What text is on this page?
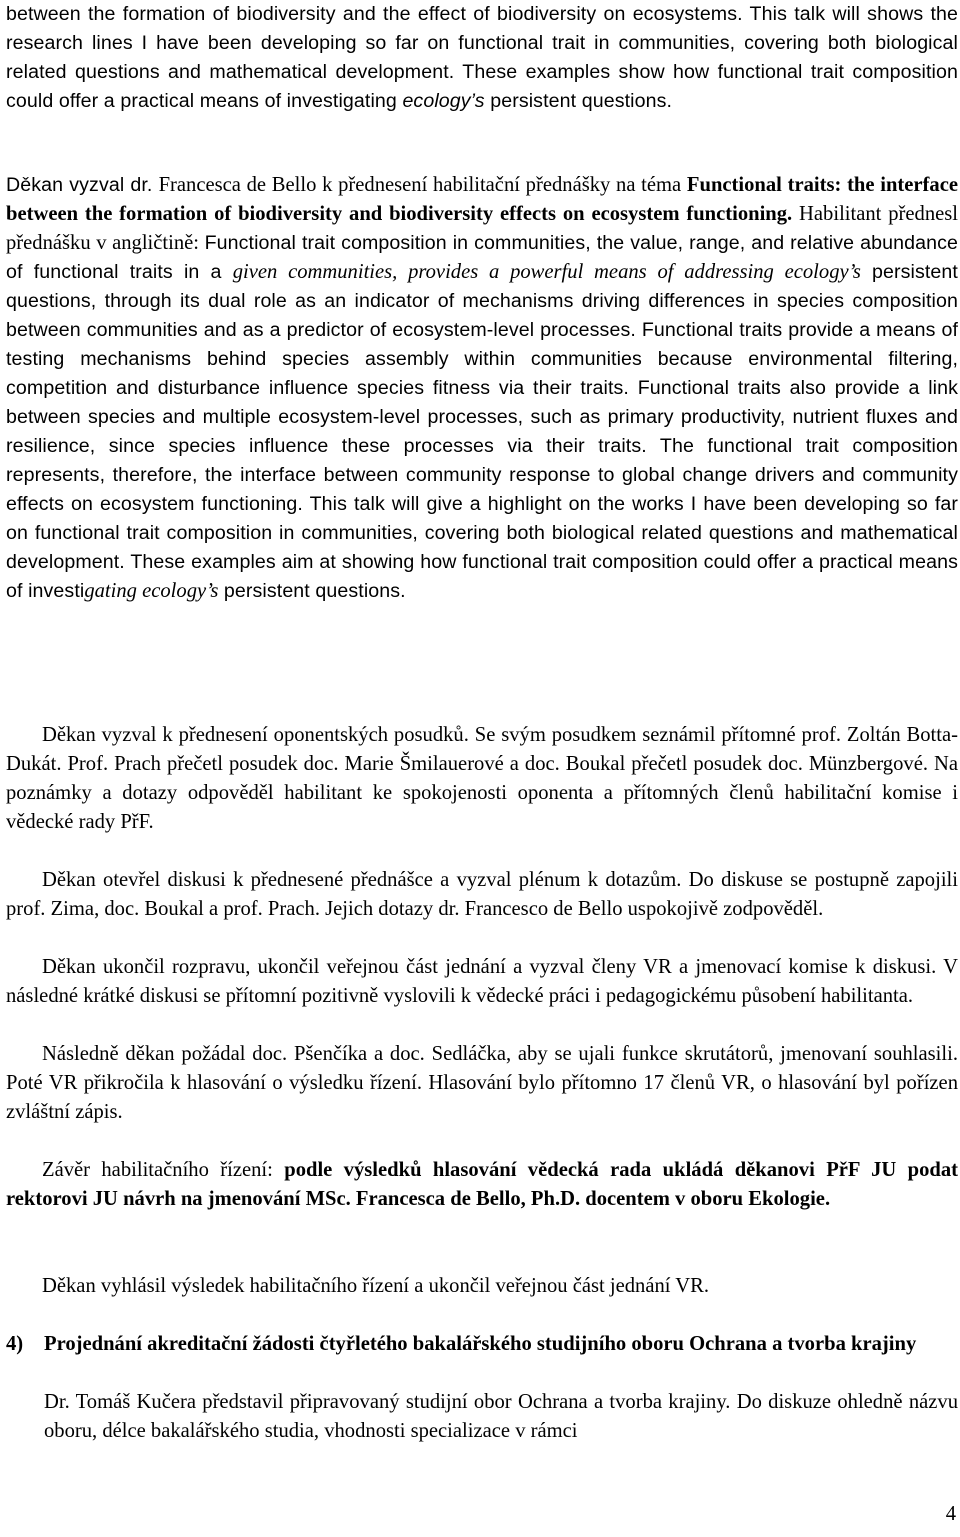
between the formation of biodiversity and the effect of biodiversity on ecosystems. This talk will shows the research lines I have been developing so far on functional trait in communities, covering both biological related questions and mathematical development. These examples show how functional trait composition could offer a practical means of investigating ecology’s persistent questions.

Děkan vyzval dr. Francesca de Bello k přednesení habilitační přednášky na téma Functional traits: the interface between the formation of biodiversity and biodiversity effects on ecosystem functioning. Habilitant přednesl přednášku v angličtině: Functional trait composition in communities, the value, range, and relative abundance of functional traits in a given communities, provides a powerful means of addressing ecology’s persistent questions, through its dual role as an indicator of mechanisms driving differences in species composition between communities and as a predictor of ecosystem-level processes. Functional traits provide a means of testing mechanisms behind species assembly within communities because environmental filtering, competition and disturbance influence species fitness via their traits. Functional traits also provide a link between species and multiple ecosystem-level processes, such as primary productivity, nutrient fluxes and resilience, since species influence these processes via their traits. The functional trait composition represents, therefore, the interface between community response to global change drivers and community effects on ecosystem functioning. This talk will give a highlight on the works I have been developing so far on functional trait composition in communities, covering both biological related questions and mathematical development. These examples aim at showing how functional trait composition could offer a practical means of investigating ecology’s persistent questions.

Děkan vyzval k přednesení oponentských posudků. Se svým posudkem seznámil přítomné prof. Zoltán Botta-Dukát. Prof. Prach přečetl posudek doc. Marie Šmilauerové a doc. Boukal přečetl posudek doc. Münzbergové. Na poznámky a dotazy odpověděl habilitant ke spokojenosti oponenta a přítomných členů habilitační komise i vědecké rady PřF.

Děkan otevřel diskusi k přednesené přednášce a vyzval plénum k dotazům. Do diskuse se postupně zapojili prof. Zima, doc. Boukal a prof. Prach. Jejich dotazy dr. Francesco de Bello uspokojivě zodpověděl.

Děkan ukončil rozpravu, ukončil veřejnou část jednání a vyzval členy VR a jmenovací komise k diskusi. V následné krátké diskusi se přítomní pozitivně vyslovili k vědecké práci i pedagogickému působení habilitanta.

Následně děkan požádal doc. Pšenčíka a doc. Sedláčka, aby se ujali funkce skrutátorů, jmenovaní souhlasili. Poté VR přikročila k hlasování o výsledku řízení. Hlasování bylo přítomno 17 členů VR, o hlasování byl pořízen zvláštní zápis.

Závěr habilitačního řízení: podle výsledků hlasování vědecká rada ukládá děkanovi PřF JU podat rektorovi JU návrh na jmenování MSc. Francesca de Bello, Ph.D. docentem v oboru Ekologie.

Děkan vyhlásil výsledek habilitačního řízení a ukončil veřejnou část jednání VR.

4) Projednání akreditační žádosti čtyřletého bakalářského studijního oboru Ochrana a tvorba krajiny

Dr. Tomáš Kučera představil připravovaný studijní obor Ochrana a tvorba krajiny. Do diskuze ohledně názvu oboru, délce bakalářského studia, vhodnosti specializace v rámci

4
